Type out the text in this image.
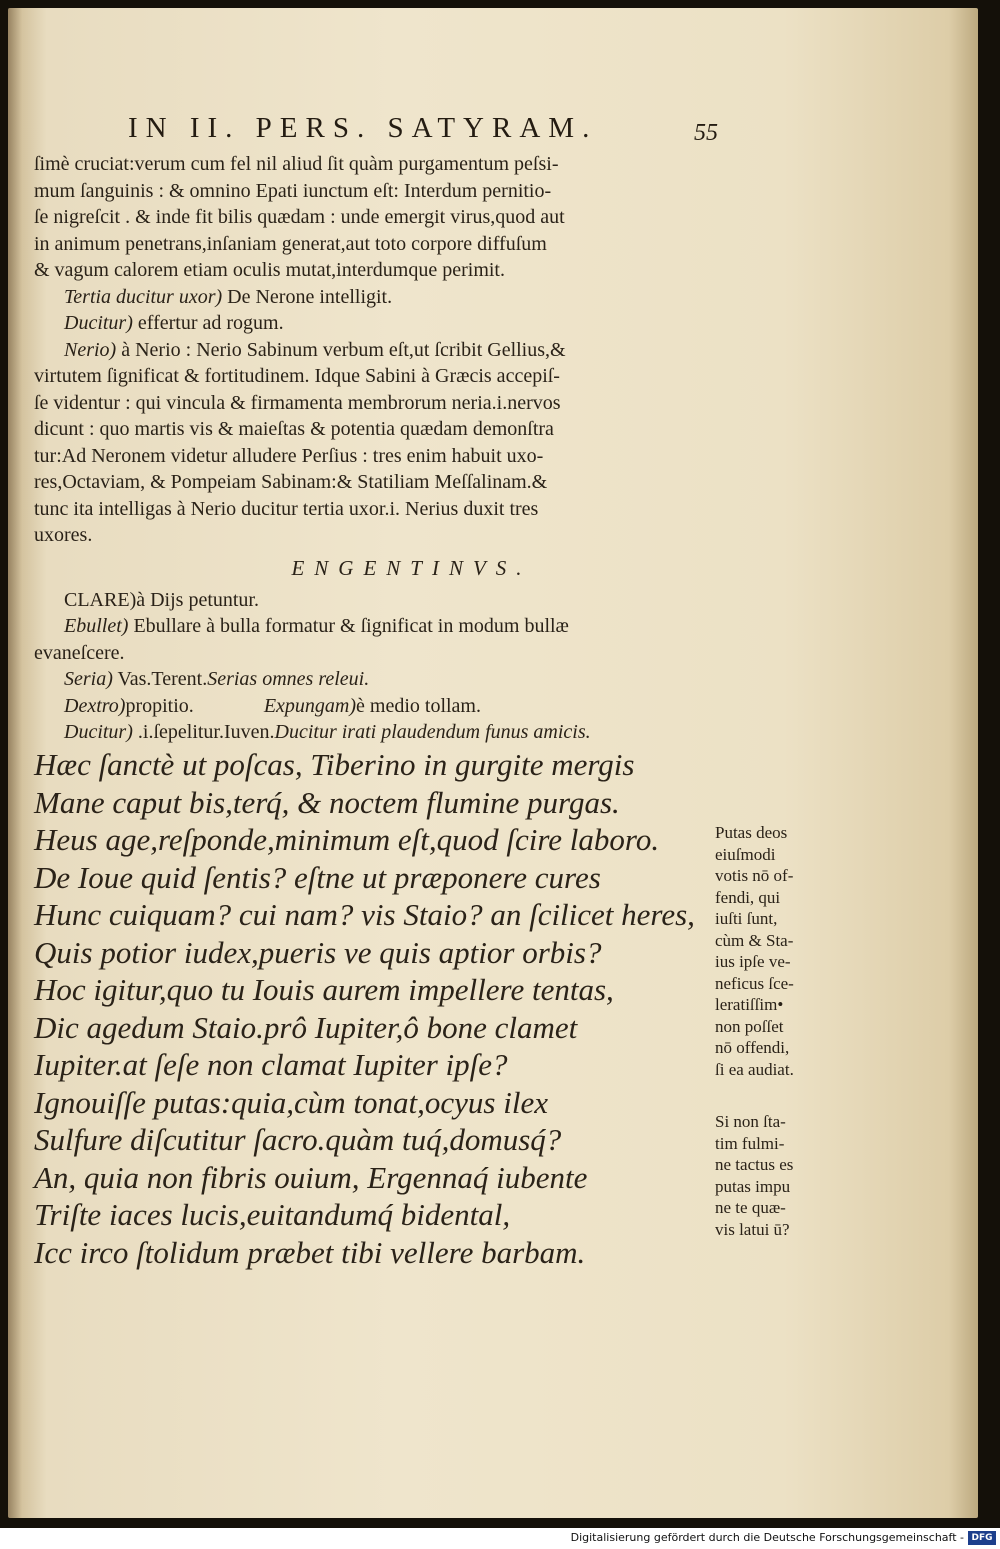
IN II. PERS. SATYRAM.	55
ſimè cruciat:verum cum fel nil aliud ſit quàm purgamentum peſsi-
mum ſanguinis : & omnino Epati iunctum eſt: Interdum pernitio-
ſe nigreſcit . & inde fit bilis quædam : unde emergit virus,quod aut
in animum penetrans,inſaniam generat,aut toto corpore diffuſum
& vagum calorem etiam oculis mutat,interdumque perimit.
Tertia ducitur uxor) De Nerone intelligit.
Ducitur) effertur ad rogum.
Nerio) à Nerio : Nerio Sabinum verbum eſt,ut ſcribit Gellius,&
virtutem ſignificat & fortitudinem. Idque Sabini à Græcis accepiſ-
ſe videntur : qui vincula & firmamenta membrorum neria.i.nervos
dicunt : quo martis vis & maieſtas & potentia quædam demonſtra
tur:Ad Neronem videtur alludere Perſius : tres enim habuit uxo-
res,Octaviam, & Pompeiam Sabinam:& Statiliam Meſſalinam.&
tunc ita intelligas à Nerio ducitur tertia uxor.i. Nerius duxit tres
uxores.
ENGENTINVS.
CLARE)à Dijs petuntur.
Ebullet) Ebullare à bulla formatur & ſignificat in modum bullæ
evaneſcere.
Seria) Vas.Terent.Serias omnes releui.
Dextro)propitio.	Expungam)è medio tollam.
Ducitur) .i.ſepelitur.Iuven.Ducitur irati plaudendum funus amicis.
Hæc ſanctè ut poſcas, Tiberino in gurgite mergis
Mane caput bis,terq́, & noctem flumine purgas.
Heus age,reſponde,minimum eſt,quod ſcire laboro.
De Ioue quid ſentis? eſtne ut præponere cures
Hunc cuiquam? cui nam? vis Staio? an ſcilicet heres,
Quis potior iudex,pueris ve quis aptior orbis?
Hoc igitur,quo tu Iouis aurem impellere tentas,
Dic agedum Staio.prô Iupiter,ô bone clamet
Iupiter.at ſeſe non clamat Iupiter ipſe?
Ignouiſſe putas:quia,cùm tonat,ocyus ilex
Sulfure diſcutitur ſacro.quàm tuq́,domusq́?
An, quia non fibris ouium, Ergennaq́ iubente
Triſte iaces lucis,euitandumq́ bidental,
Icc irco ſtolidum præbet tibi vellere barbam.
Putas deos
eiuſmodi
votis nō of-
fendi, qui
iuſti ſunt,
cùm & Sta-
ius ipſe ve-
neficus ſce-
leratiſſim•
non poſſet
nō offendi,
ſi ea audiat.
Si non ſta-
tim fulmi-
ne tactus es
putas impu
ne te quæ-
vis latui ū?
Digitalisierung gefördert durch die Deutsche Forschungsgemeinschaft - DFG
